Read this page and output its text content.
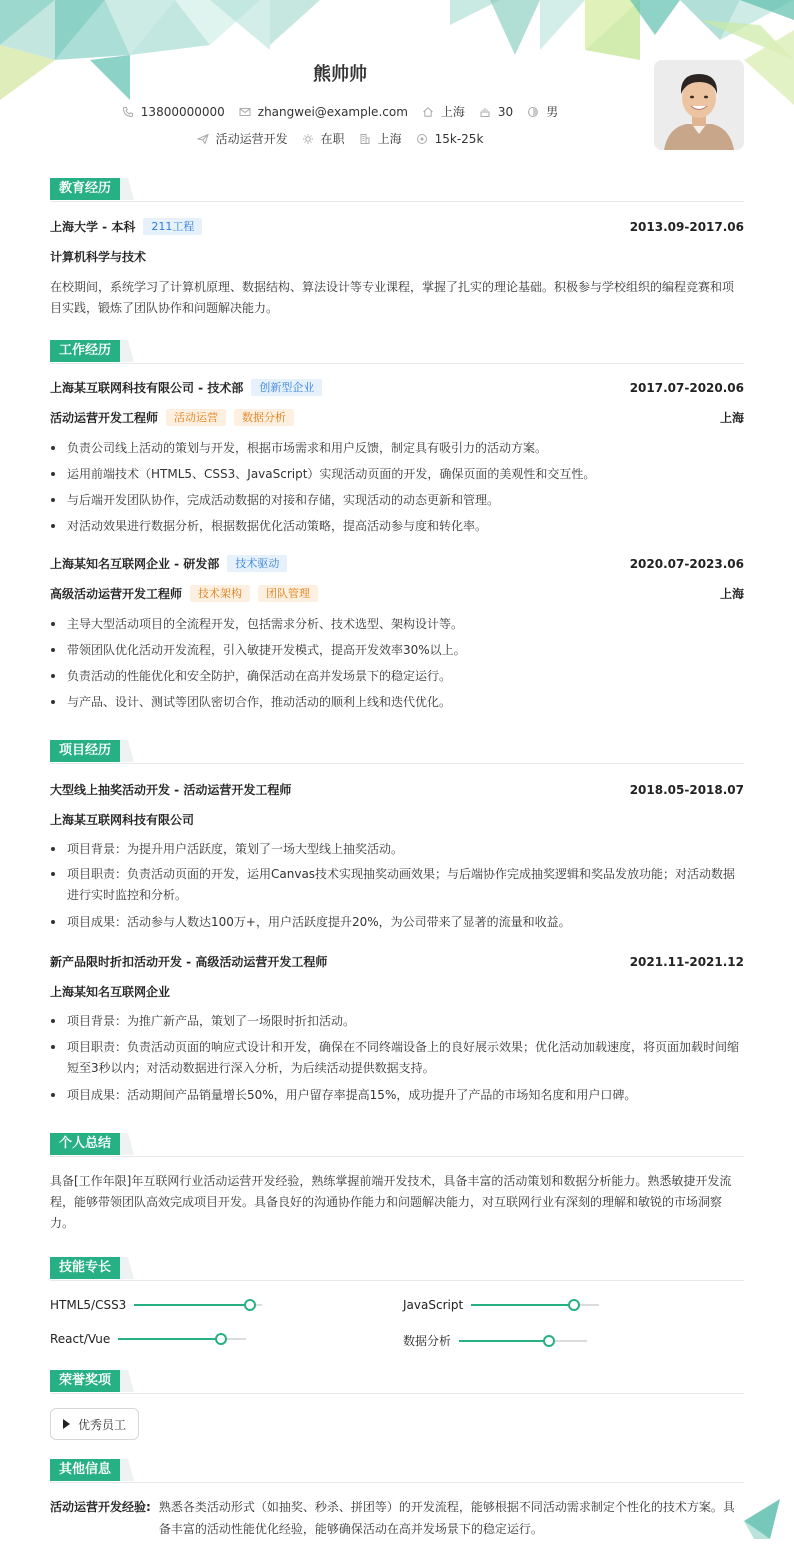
熊帅帅
13800000000	zhangwei@example.com	上海	30	男
活动运营开发	在职	上海	15k-25k
教育经历
上海大学 - 本科	211工程	2013.09-2017.06
计算机科学与技术
在校期间，系统学习了计算机原理、数据结构、算法设计等专业课程，掌握了扎实的理论基础。积极参与学校组织的编程竞赛和项目实践，锻炼了团队协作和问题解决能力。
工作经历
上海某互联网科技有限公司 - 技术部	创新型企业	2017.07-2020.06
活动运营开发工程师	活动运营	数据分析	上海
负责公司线上活动的策划与开发，根据市场需求和用户反馈，制定具有吸引力的活动方案。
运用前端技术（HTML5、CSS3、JavaScript）实现活动页面的开发，确保页面的美观性和交互性。
与后端开发团队协作，完成活动数据的对接和存储，实现活动的动态更新和管理。
对活动效果进行数据分析，根据数据优化活动策略，提高活动参与度和转化率。
上海某知名互联网企业 - 研发部	技术驱动	2020.07-2023.06
高级活动运营开发工程师	技术架构	团队管理	上海
主导大型活动项目的全流程开发，包括需求分析、技术选型、架构设计等。
带领团队优化活动开发流程，引入敏捷开发模式，提高开发效率30%以上。
负责活动的性能优化和安全防护，确保活动在高并发场景下的稳定运行。
与产品、设计、测试等团队密切合作，推动活动的顺利上线和迭代优化。
项目经历
大型线上抽奖活动开发 - 活动运营开发工程师	2018.05-2018.07
上海某互联网科技有限公司
项目背景：为提升用户活跃度，策划了一场大型线上抽奖活动。
项目职责：负责活动页面的开发，运用Canvas技术实现抽奖动画效果；与后端协作完成抽奖逻辑和奖品发放功能；对活动数据进行实时监控和分析。
项目成果：活动参与人数达100万+，用户活跃度提升20%，为公司带来了显著的流量和收益。
新产品限时折扣活动开发 - 高级活动运营开发工程师	2021.11-2021.12
上海某知名互联网企业
项目背景：为推广新产品，策划了一场限时折扣活动。
项目职责：负责活动页面的响应式设计和开发，确保在不同终端设备上的良好展示效果；优化活动加载速度，将页面加载时间缩短至3秒以内；对活动数据进行深入分析，为后续活动提供数据支持。
项目成果：活动期间产品销量增长50%，用户留存率提高15%，成功提升了产品的市场知名度和用户口碑。
个人总结
具备[工作年限]年互联网行业活动运营开发经验，熟练掌握前端开发技术，具备丰富的活动策划和数据分析能力。熟悉敏捷开发流程，能够带领团队高效完成项目开发。具备良好的沟通协作能力和问题解决能力，对互联网行业有深刻的理解和敏锐的市场洞察力。
技能专长
HTML5/CSS3	JavaScript
React/Vue	数据分析
荣誉奖项
优秀员工
其他信息
活动运营开发经验: 熟悉各类活动形式（如抽奖、秒杀、拼团等）的开发流程，能够根据不同活动需求制定个性化的技术方案。具备丰富的活动性能优化经验，能够确保活动在高并发场景下的稳定运行。
